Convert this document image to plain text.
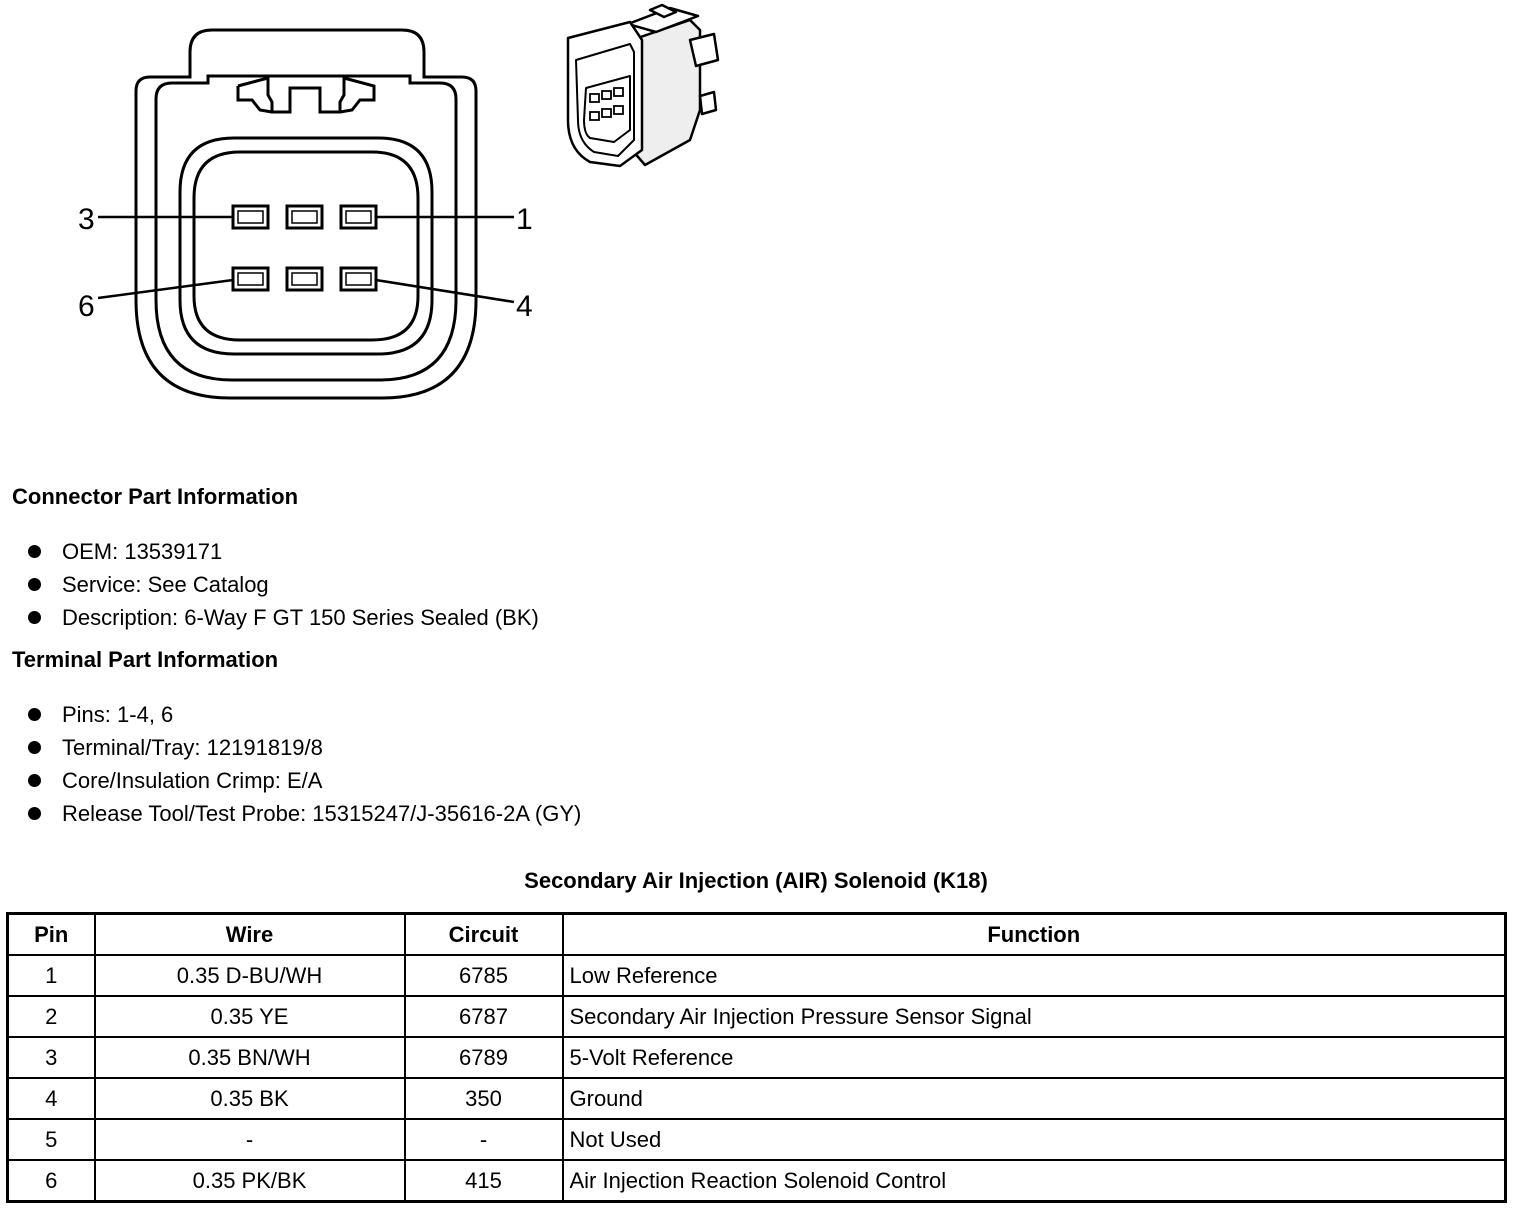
3	1
6	4
Connector Part Information
OEM: 13539171
Service: See Catalog
Description: 6-Way F GT 150 Series Sealed (BK)
Terminal Part Information
Pins: 1-4, 6
Terminal/Tray: 12191819/8
Core/Insulation Crimp: E/A
Release Tool/Test Probe: 15315247/J-35616-2A (GY)
Secondary Air Injection (AIR) Solenoid (K18)
Pin	Wire	Circuit	Function
1	0.35 D-BU/WH	6785	Low Reference
2	0.35 YE	6787	Secondary Air Injection Pressure Sensor Signal
3	0.35 BN/WH	6789	5-Volt Reference
4	0.35 BK	350	Ground
5	-	-	Not Used
6	0.35 PK/BK	415	Air Injection Reaction Solenoid Control
